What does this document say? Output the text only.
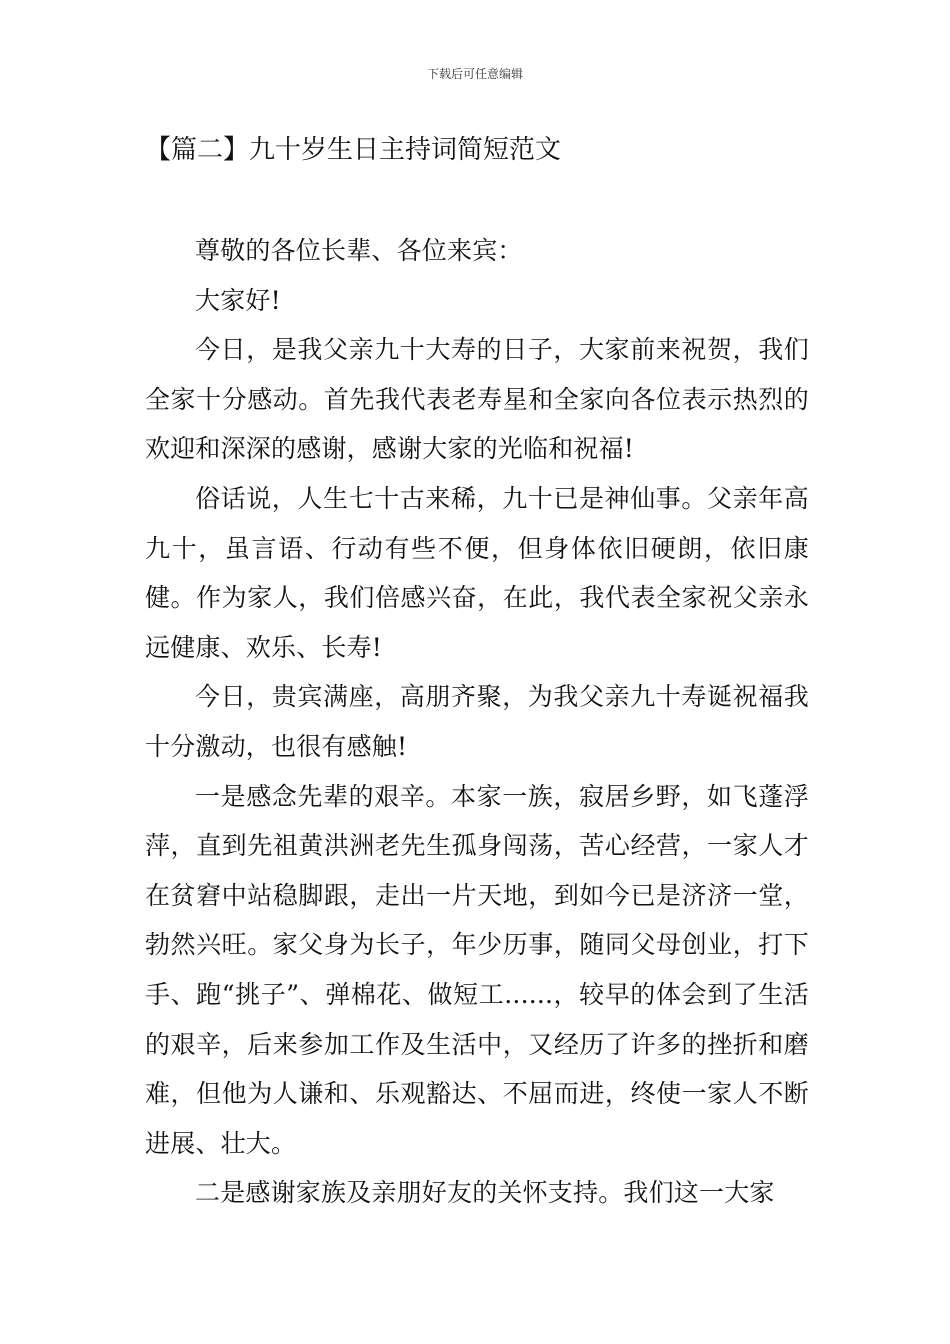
下载后可任意编辑
【篇二】九十岁生日主持词简短范文

尊敬的各位长辈、各位来宾：

大家好!

今日，是我父亲九十大寿的日子，大家前来祝贺，我们全家十分感动。首先我代表老寿星和全家向各位表示热烈的欢迎和深深的感谢，感谢大家的光临和祝福!

俗话说，人生七十古来稀，九十已是神仙事。父亲年高九十，虽言语、行动有些不便，但身体依旧硬朗，依旧康健。作为家人，我们倍感兴奋，在此，我代表全家祝父亲永远健康、欢乐、长寿!

今日，贵宾满座，高朋齐聚，为我父亲九十寿诞祝福我十分激动，也很有感触!

一是感念先辈的艰辛。本家一族，寂居乡野，如飞蓬浮萍，直到先祖黄洪洲老先生孤身闯荡，苦心经营，一家人才在贫窘中站稳脚跟，走出一片天地，到如今已是济济一堂，勃然兴旺。家父身为长子，年少历事，随同父母创业，打下手、跑“挑子”、弹棉花、做短工......，较早的体会到了生活的艰辛，后来参加工作及生活中，又经历了许多的挫折和磨难，但他为人谦和、乐观豁达、不屈而进，终使一家人不断进展、壮大。

二是感谢家族及亲朋好友的关怀支持。我们这一大家
